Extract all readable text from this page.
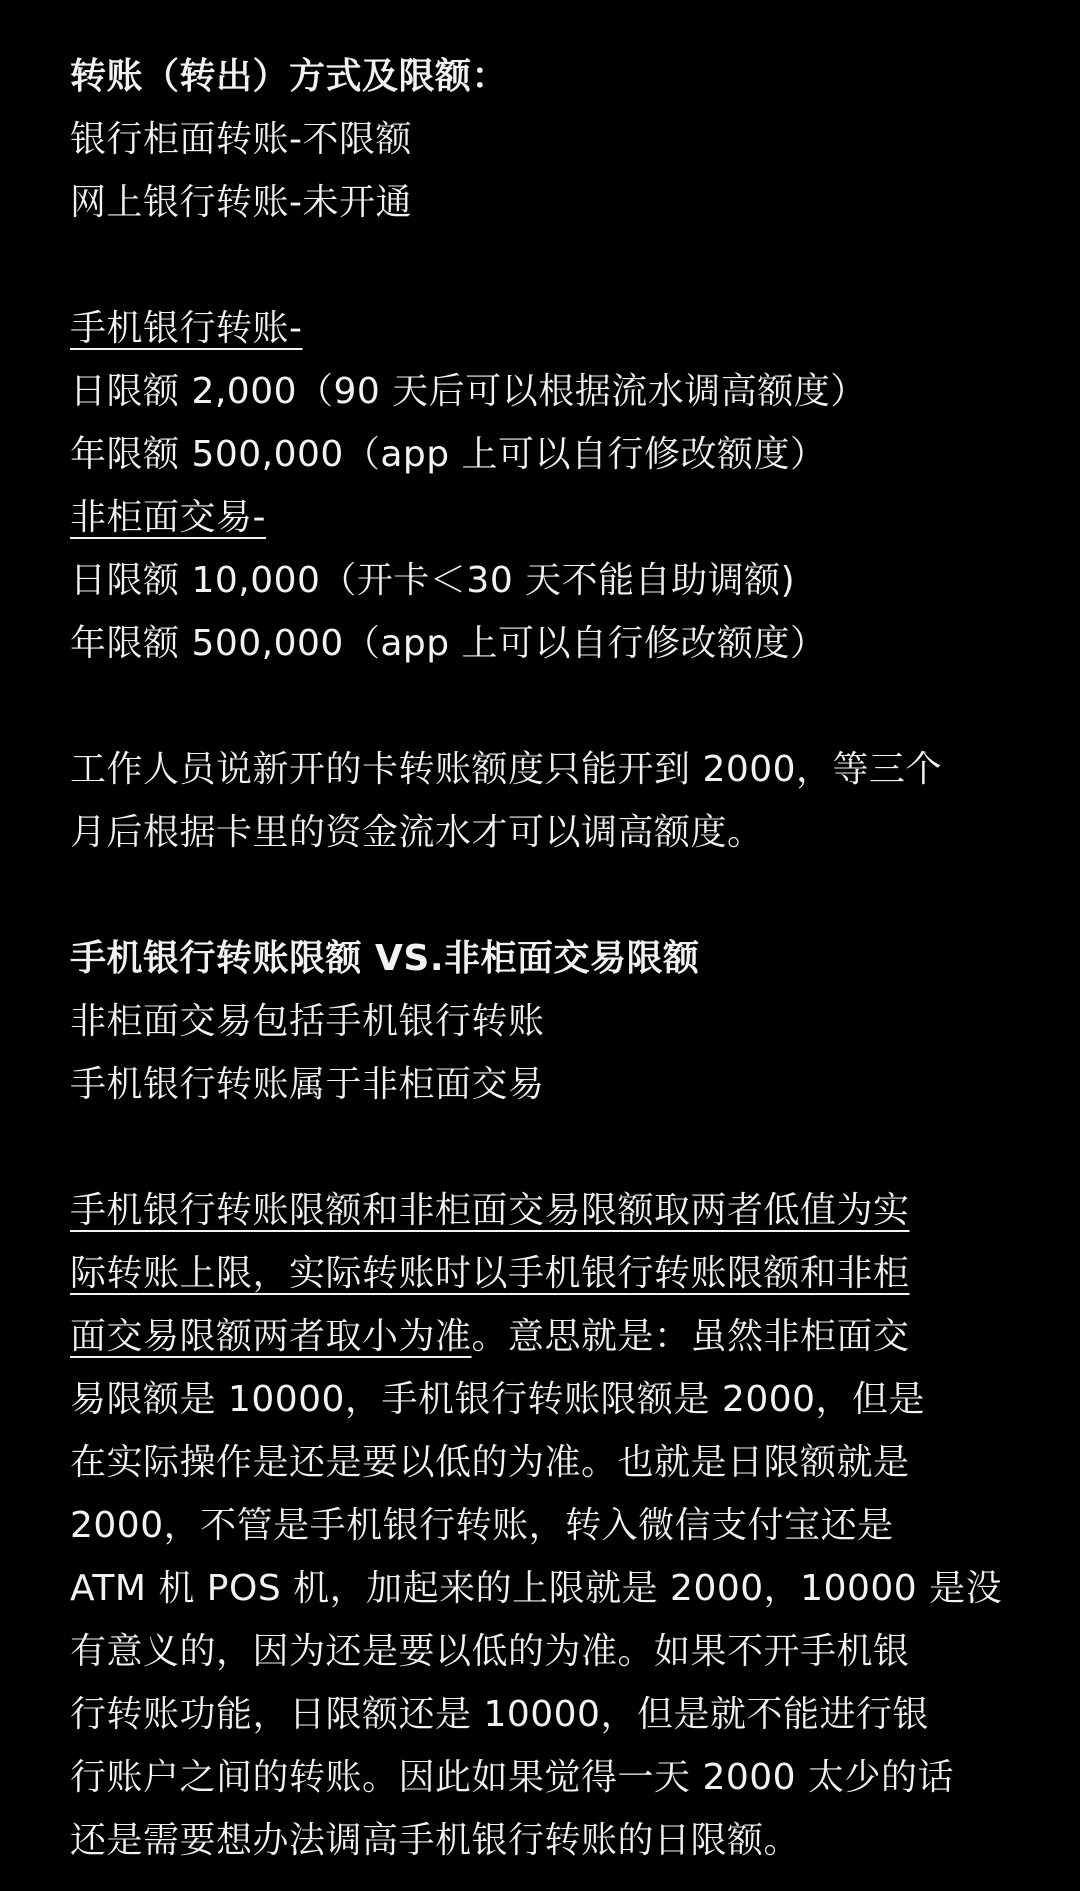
转账（转出）方式及限额：
银行柜面转账-不限额
网上银行转账-未开通
手机银行转账-
日限额 2,000（90 天后可以根据流水调高额度）
年限额 500,000（app 上可以自行修改额度）
非柜面交易-
日限额 10,000（开卡＜30 天不能自助调额)
年限额 500,000（app 上可以自行修改额度）
工作人员说新开的卡转账额度只能开到 2000，等三个
月后根据卡里的资金流水才可以调高额度。
手机银行转账限额 VS.非柜面交易限额
非柜面交易包括手机银行转账
手机银行转账属于非柜面交易
手机银行转账限额和非柜面交易限额取两者低值为实
际转账上限，实际转账时以手机银行转账限额和非柜
面交易限额两者取小为准。意思就是：虽然非柜面交
易限额是 10000，手机银行转账限额是 2000，但是
在实际操作是还是要以低的为准。也就是日限额就是
2000，不管是手机银行转账，转入微信支付宝还是
ATM 机 POS 机，加起来的上限就是 2000，10000 是没
有意义的，因为还是要以低的为准。如果不开手机银
行转账功能，日限额还是 10000，但是就不能进行银
行账户之间的转账。因此如果觉得一天 2000 太少的话
还是需要想办法调高手机银行转账的日限额。
